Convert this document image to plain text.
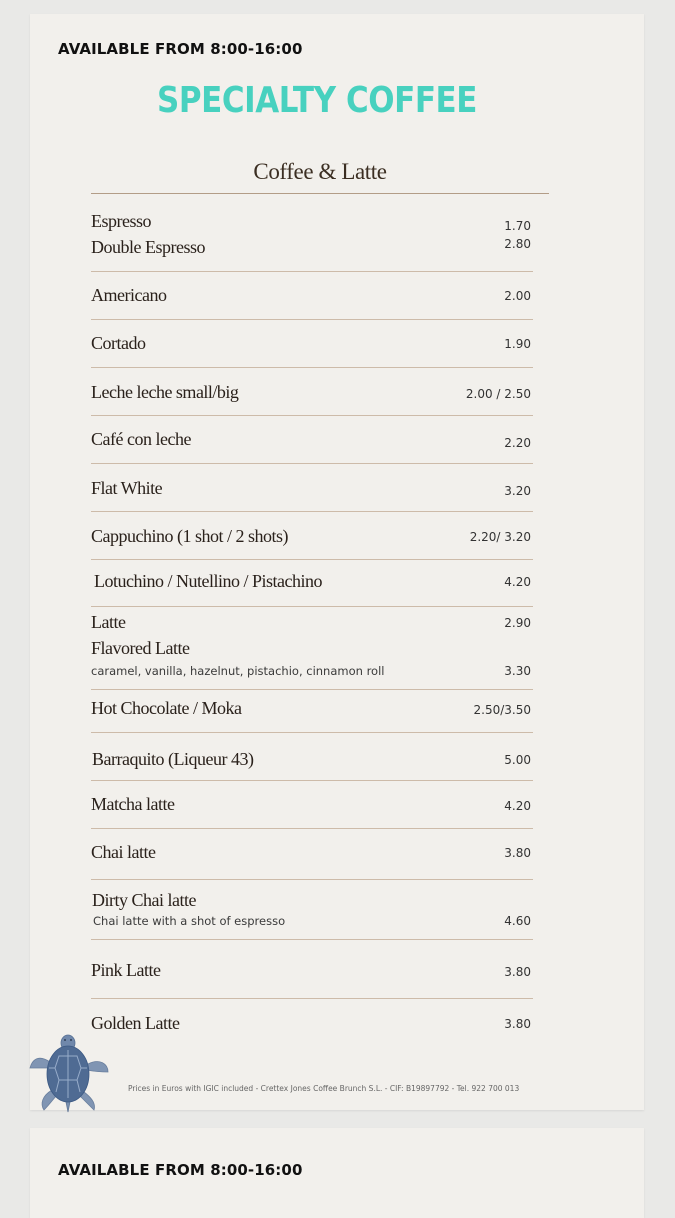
AVAILABLE FROM 8:00-16:00
SPECIALTY COFFEE
Coffee & Latte
Espresso	1.70
Double Espresso	2.80
Americano	2.00
Cortado	1.90
Leche leche small/big	2.00 / 2.50
Café con leche	2.20
Flat White	3.20
Cappuchino (1 shot / 2 shots)	2.20/ 3.20
Lotuchino / Nutellino / Pistachino	4.20
Latte	2.90
Flavored Latte
caramel, vanilla, hazelnut, pistachio, cinnamon roll	3.30
Hot Chocolate / Moka	2.50/3.50
Barraquito (Liqueur 43)	5.00
Matcha latte	4.20
Chai latte	3.80
Dirty Chai latte
Chai latte with a shot of espresso	4.60
Pink Latte	3.80
Golden Latte	3.80
Prices in Euros with IGIC included - Crettex Jones Coffee Brunch S.L. - CIF: B19897792 - Tel. 922 700 013
AVAILABLE FROM 8:00-16:00
